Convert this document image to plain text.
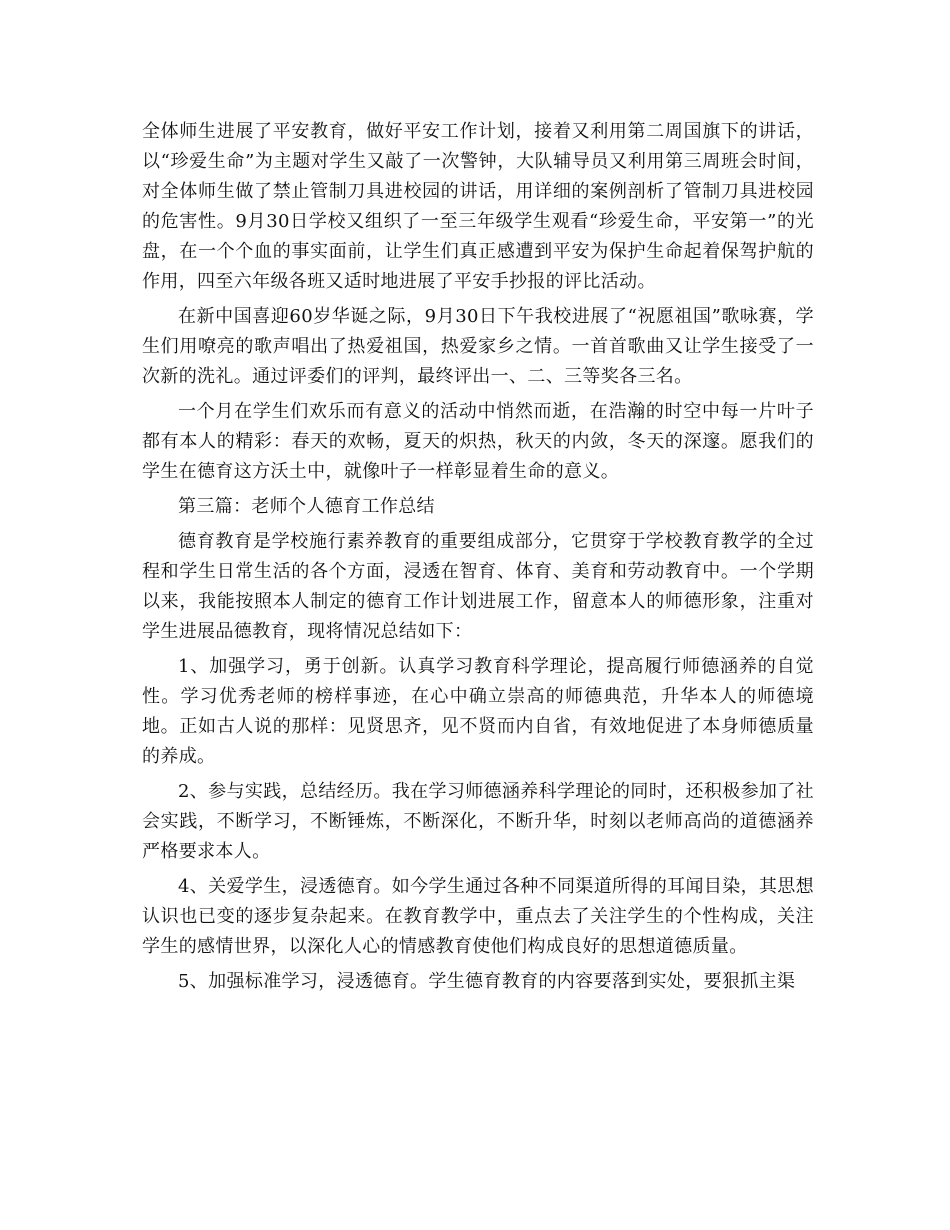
全体师生进展了平安教育，做好平安工作计划，接着又利用第二周国旗下的讲话，以“珍爱生命”为主题对学生又敲了一次警钟，大队辅导员又利用第三周班会时间，对全体师生做了禁止管制刀具进校园的讲话，用详细的案例剖析了管制刀具进校园的危害性。9月30日学校又组织了一至三年级学生观看“珍爱生命，平安第一”的光盘，在一个个血的事实面前，让学生们真正感遭到平安为保护生命起着保驾护航的作用，四至六年级各班又适时地进展了平安手抄报的评比活动。

在新中国喜迎60岁华诞之际，9月30日下午我校进展了“祝愿祖国”歌咏赛，学生们用嘹亮的歌声唱出了热爱祖国，热爱家乡之情。一首首歌曲又让学生接受了一次新的洗礼。通过评委们的评判，最终评出一、二、三等奖各三名。

一个月在学生们欢乐而有意义的活动中悄然而逝，在浩瀚的时空中每一片叶子都有本人的精彩：春天的欢畅，夏天的炽热，秋天的内敛，冬天的深邃。愿我们的学生在德育这方沃土中，就像叶子一样彰显着生命的意义。

第三篇：老师个人德育工作总结

德育教育是学校施行素养教育的重要组成部分，它贯穿于学校教育教学的全过程和学生日常生活的各个方面，浸透在智育、体育、美育和劳动教育中。一个学期以来，我能按照本人制定的德育工作计划进展工作，留意本人的师德形象，注重对学生进展品德教育，现将情况总结如下：

1、加强学习，勇于创新。认真学习教育科学理论，提高履行师德涵养的自觉性。学习优秀老师的榜样事迹，在心中确立崇高的师德典范，升华本人的师德境地。正如古人说的那样：见贤思齐，见不贤而内自省，有效地促进了本身师德质量的养成。

2、参与实践，总结经历。我在学习师德涵养科学理论的同时，还积极参加了社会实践，不断学习，不断锤炼，不断深化，不断升华，时刻以老师高尚的道德涵养严格要求本人。

4、关爱学生，浸透德育。如今学生通过各种不同渠道所得的耳闻目染，其思想认识也已变的逐步复杂起来。在教育教学中，重点去了关注学生的个性构成，关注学生的感情世界，以深化人心的情感教育使他们构成良好的思想道德质量。

5、加强标准学习，浸透德育。学生德育教育的内容要落到实处，要狠抓主渠
